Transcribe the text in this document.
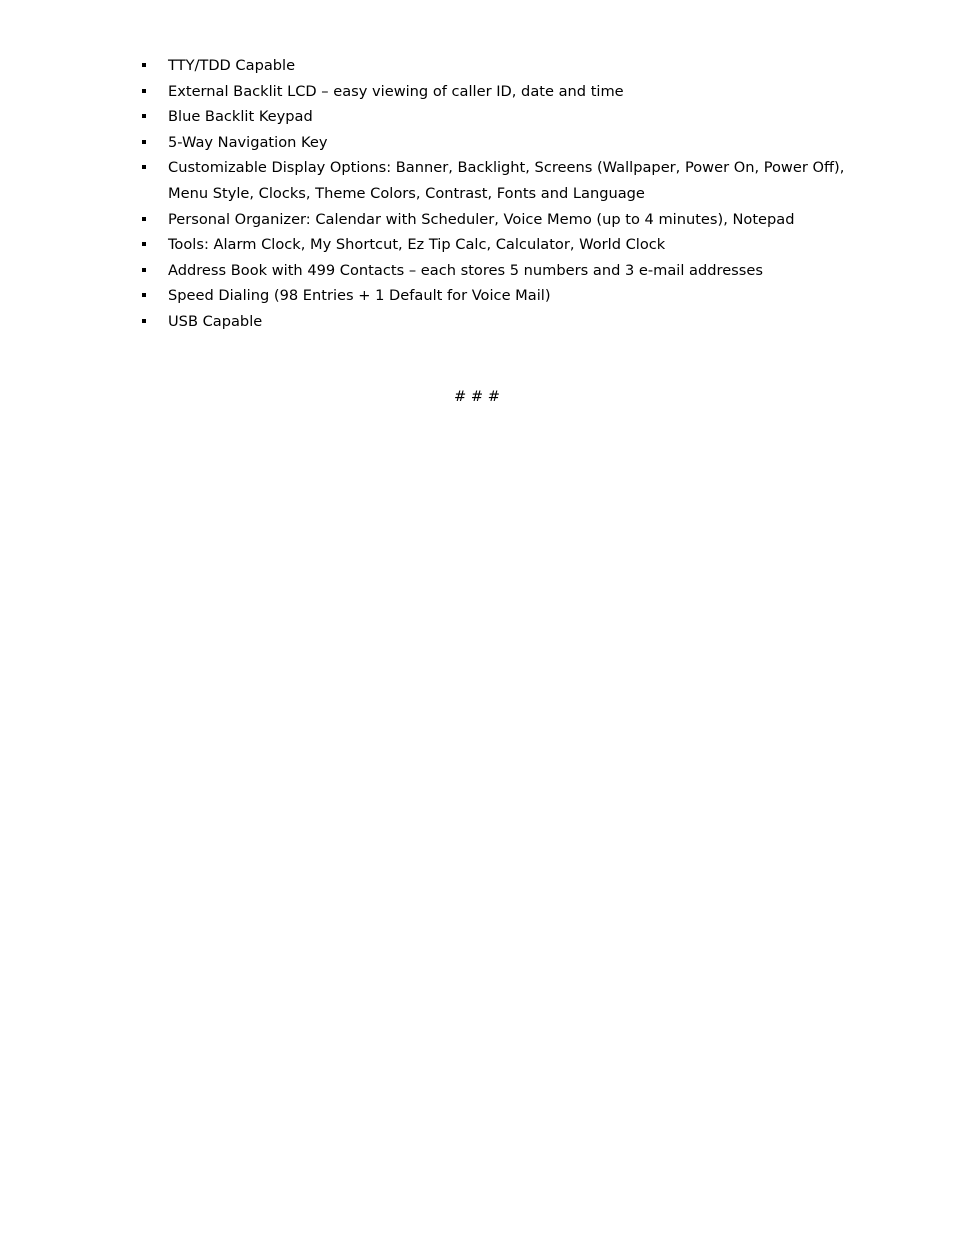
TTY/TDD Capable
External Backlit LCD – easy viewing of caller ID, date and time
Blue Backlit Keypad
5-Way Navigation Key
Customizable Display Options: Banner, Backlight, Screens (Wallpaper, Power On, Power Off), Menu Style, Clocks, Theme Colors, Contrast, Fonts and Language
Personal Organizer: Calendar with Scheduler, Voice Memo (up to 4 minutes), Notepad
Tools: Alarm Clock, My Shortcut, Ez Tip Calc, Calculator, World Clock
Address Book with 499 Contacts – each stores 5 numbers and 3 e-mail addresses
Speed Dialing (98 Entries + 1 Default for Voice Mail)
USB Capable
# # #
